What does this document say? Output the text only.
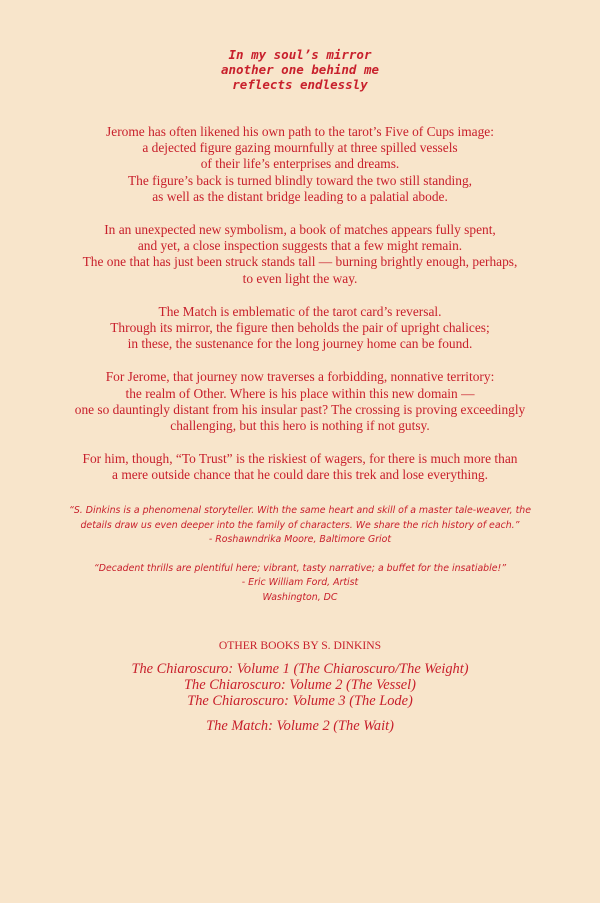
In my soul’s mirror
another one behind me
reflects endlessly

Jerome has often likened his own path to the tarot’s Five of Cups image:
a dejected figure gazing mournfully at three spilled vessels
of their life’s enterprises and dreams.
The figure’s back is turned blindly toward the two still standing,
as well as the distant bridge leading to a palatial abode.

In an unexpected new symbolism, a book of matches appears fully spent,
and yet, a close inspection suggests that a few might remain.
The one that has just been struck stands tall — burning brightly enough, perhaps,
to even light the way.

The Match is emblematic of the tarot card’s reversal.
Through its mirror, the figure then beholds the pair of upright chalices;
in these, the sustenance for the long journey home can be found.

For Jerome, that journey now traverses a forbidding, nonnative territory:
the realm of Other. Where is his place within this new domain —
one so dauntingly distant from his insular past? The crossing is proving exceedingly
challenging, but this hero is nothing if not gutsy.

For him, though, “To Trust” is the riskiest of wagers, for there is much more than
a mere outside chance that he could dare this trek and lose everything.

“S. Dinkins is a phenomenal storyteller. With the same heart and skill of a master tale-weaver, the
details draw us even deeper into the family of characters. We share the rich history of each.”
- Roshawndrika Moore, Baltimore Griot
“Decadent thrills are plentiful here; vibrant, tasty narrative; a buffet for the insatiable!”
- Eric William Ford, Artist
Washington, DC
OTHER BOOKS BY S. DINKINS
The Chiaroscuro: Volume 1 (The Chiaroscuro/The Weight)
The Chiaroscuro: Volume 2 (The Vessel)
The Chiaroscuro: Volume 3 (The Lode)
The Match: Volume 2 (The Wait)
